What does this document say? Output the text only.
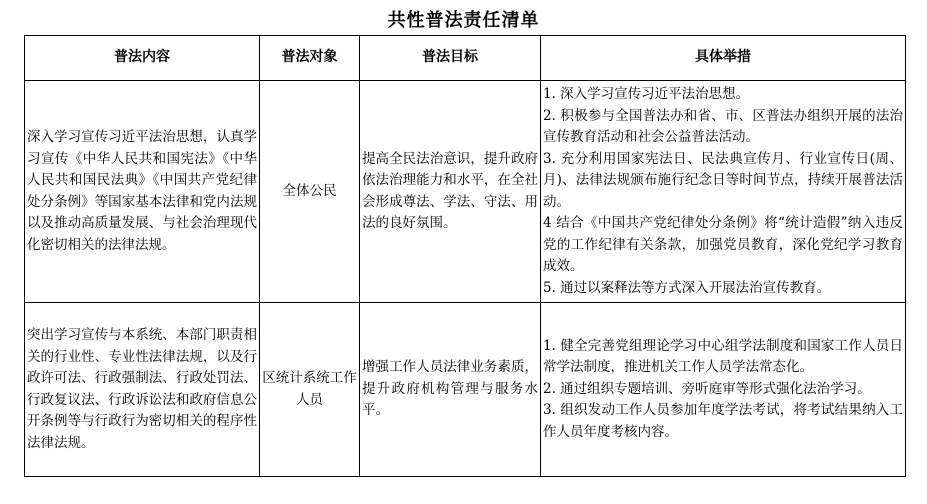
共性普法责任清单
普法内容	普法对象	普法目标	具体举措
深入学习宣传习近平法治思想，认真学习宣传《中华人民共和国宪法》《中华人民共和国民法典》《中国共产党纪律处分条例》等国家基本法律和党内法规以及推动高质量发展、与社会治理现代化密切相关的法律法规。	全体公民	提高全民法治意识，提升政府依法治理能力和水平，在全社会形成尊法、学法、守法、用法的良好氛围。	1. 深入学习宣传习近平法治思想。

2. 积极参与全国普法办和省、市、区普法办组织开展的法治宣传教育活动和社会公益普法活动。

3. 充分利用国家宪法日、民法典宣传月、行业宣传日(周、月)、法律法规颁布施行纪念日等时间节点，持续开展普法活动。

4 结合《中国共产党纪律处分条例》将“统计造假”纳入违反党的工作纪律有关条款，加强党员教育，深化党纪学习教育成效。

5. 通过以案释法等方式深入开展法治宣传教育。

突出学习宣传与本系统、本部门职责相关的行业性、专业性法律法规，以及行政许可法、行政强制法、行政处罚法、行政复议法、行政诉讼法和政府信息公开条例等与行政行为密切相关的程序性法律法规。	区统计系统工作人员	增强工作人员法律业务素质，提升政府机构管理与服务水平。	1. 健全完善党组理论学习中心组学法制度和国家工作人员日常学法制度，推进机关工作人员学法常态化。

2. 通过组织专题培训、旁听庭审等形式强化法治学习。

3. 组织发动工作人员参加年度学法考试，将考试结果纳入工作人员年度考核内容。
